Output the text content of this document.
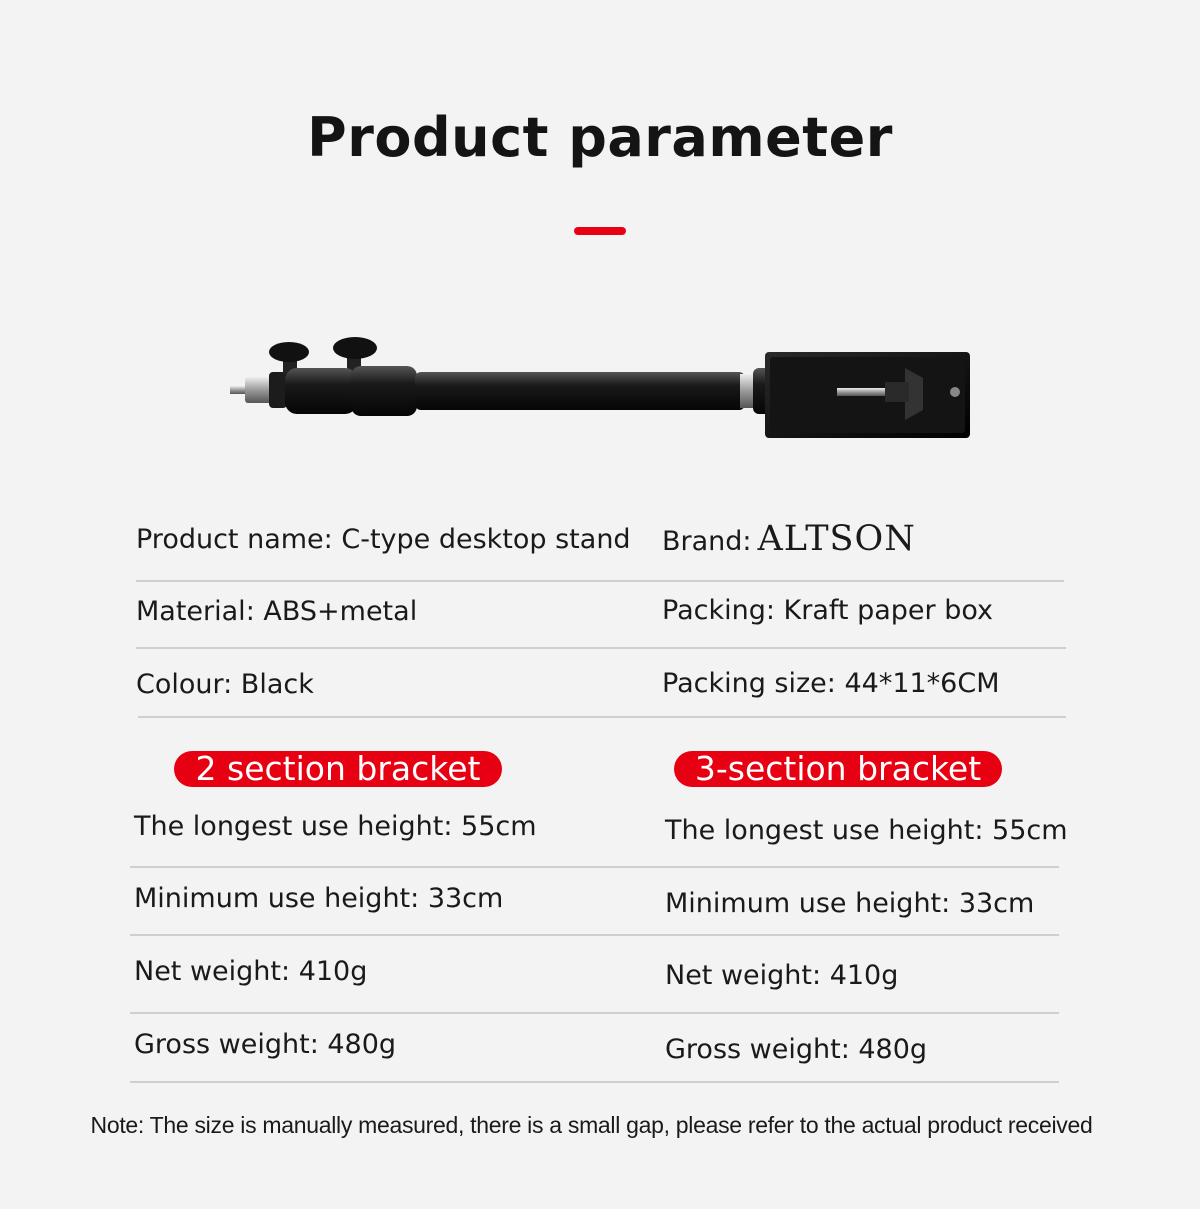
Product parameter
Product name: C-type desktop stand Brand: ALTSON
Material: ABS+metal	Packing: Kraft paper box
Colour: Black	Packing size: 44*11*6CM
2 section bracket
The longest use height: 55cm
Minimum use height: 33cm
Net weight: 410g
Gross weight: 480g
3-section bracket
The longest use height: 55cm
Minimum use height: 33cm
Net weight: 410g
Gross weight: 480g
Note: The size is manually measured, there is a small gap, please refer to the actual product received
